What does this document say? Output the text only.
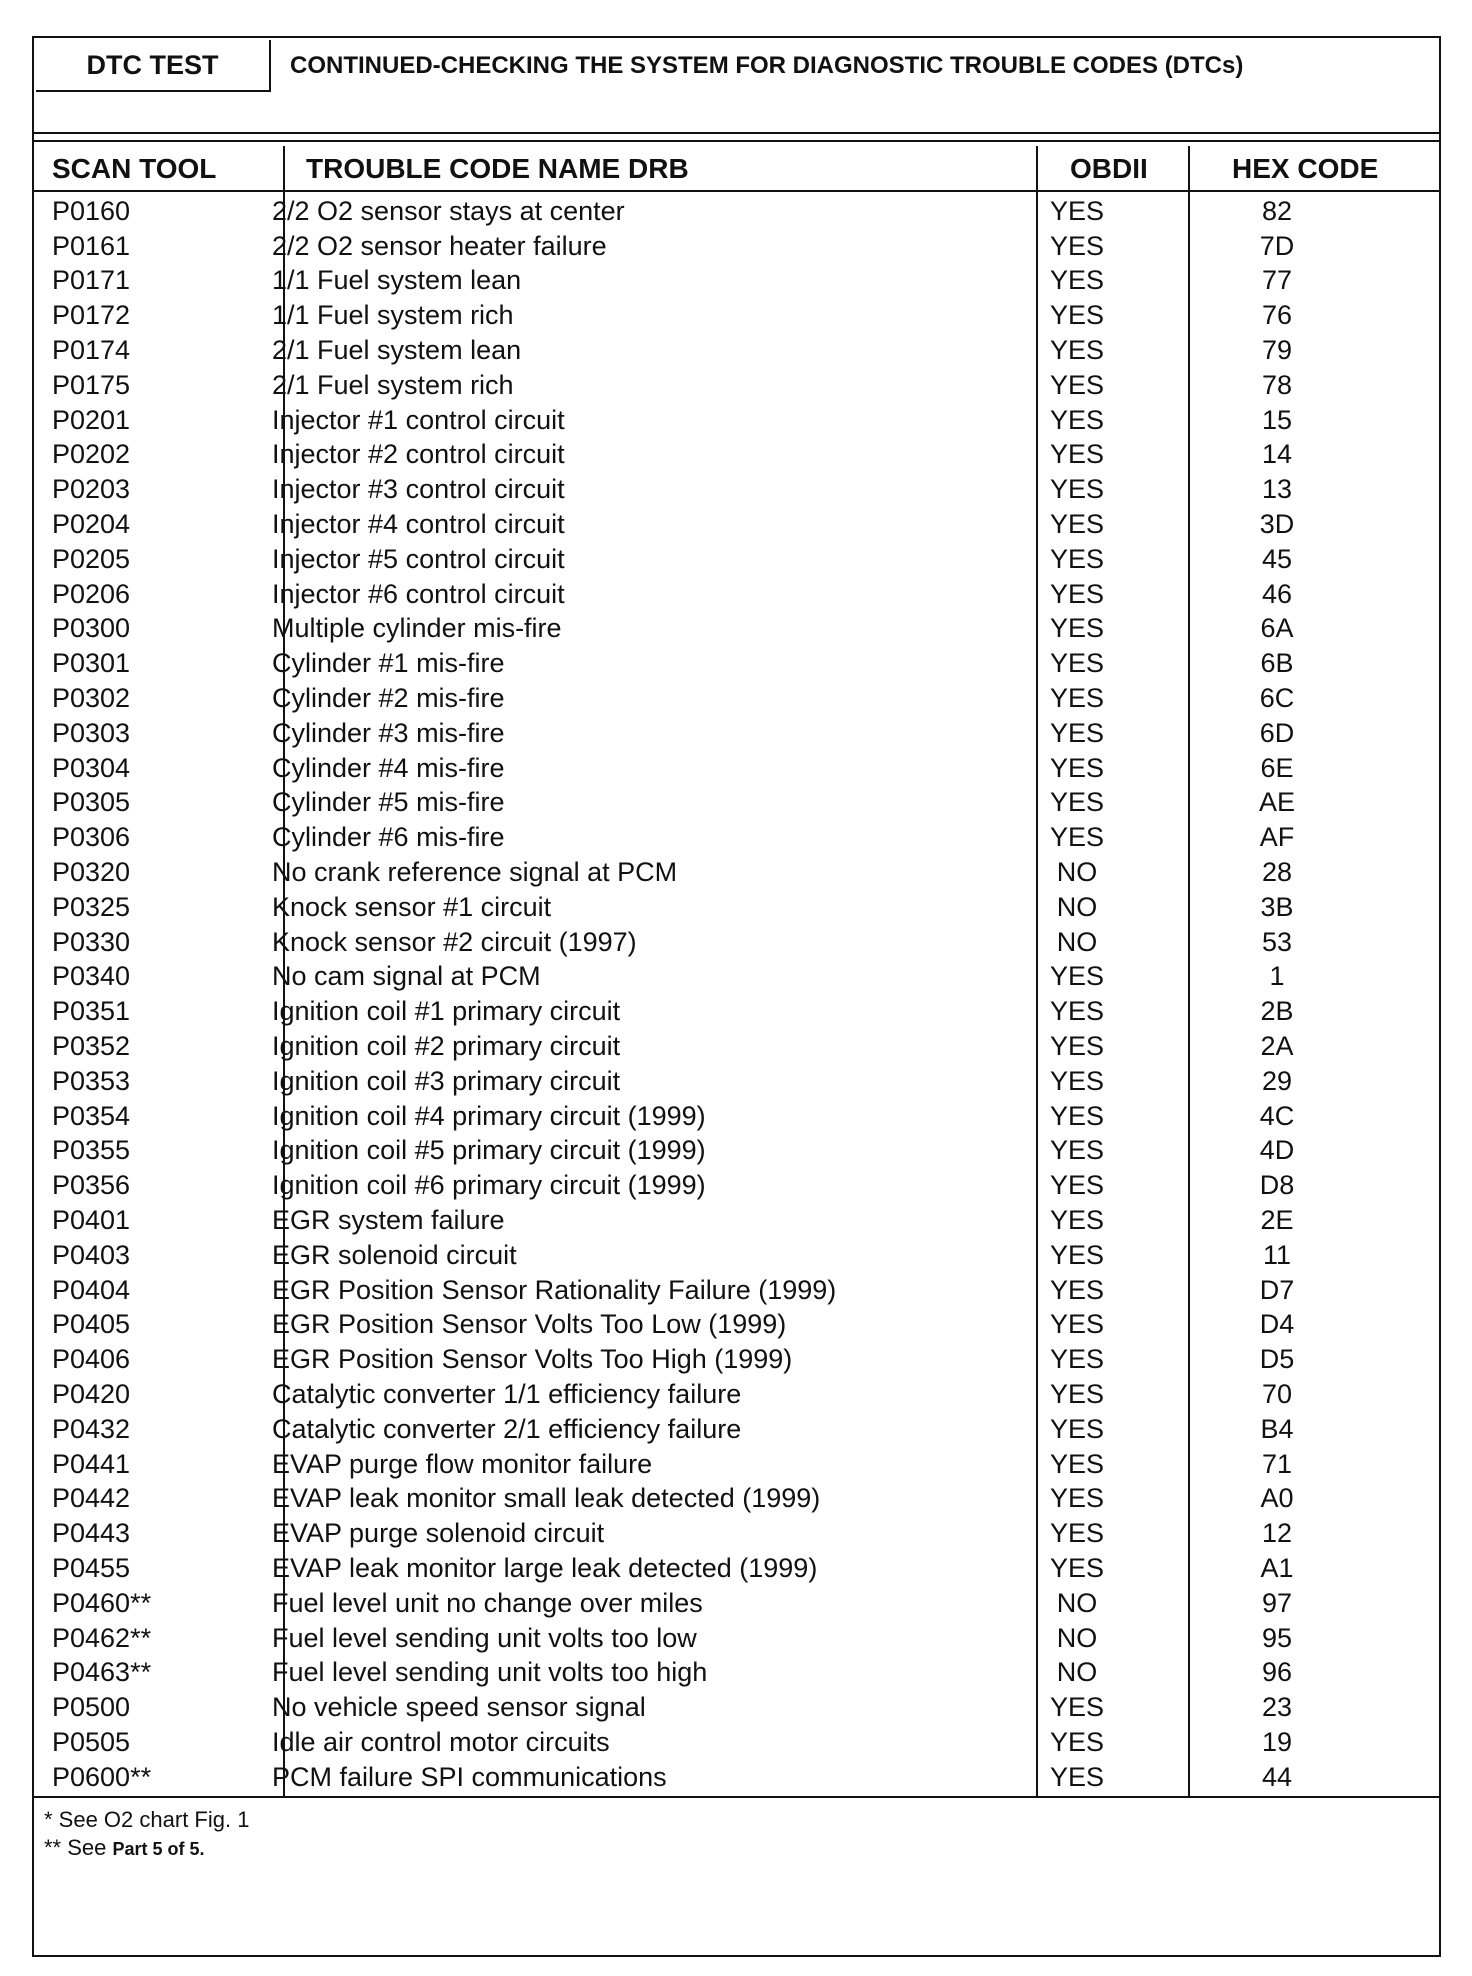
DTC TEST	CONTINUED-CHECKING THE SYSTEM FOR DIAGNOSTIC TROUBLE CODES (DTCs)
SCAN TOOL	TROUBLE CODE NAME DRB	OBDII	HEX CODE
P0160	2/2 O2 sensor stays at center	YES	82
P0161	2/2 O2 sensor heater failure	YES	7D
P0171	1/1 Fuel system lean	YES	77
P0172	1/1 Fuel system rich	YES	76
P0174	2/1 Fuel system lean	YES	79
P0175	2/1 Fuel system rich	YES	78
P0201	Injector #1 control circuit	YES	15
P0202	Injector #2 control circuit	YES	14
P0203	Injector #3 control circuit	YES	13
P0204	Injector #4 control circuit	YES	3D
P0205	Injector #5 control circuit	YES	45
P0206	Injector #6 control circuit	YES	46
P0300	Multiple cylinder mis-fire	YES	6A
P0301	Cylinder #1 mis-fire	YES	6B
P0302	Cylinder #2 mis-fire	YES	6C
P0303	Cylinder #3 mis-fire	YES	6D
P0304	Cylinder #4 mis-fire	YES	6E
P0305	Cylinder #5 mis-fire	YES	AE
P0306	Cylinder #6 mis-fire	YES	AF
P0320	No crank reference signal at PCM	NO	28
P0325	Knock sensor #1 circuit	NO	3B
P0330	Knock sensor #2 circuit (1997)	NO	53
P0340	No cam signal at PCM	YES	1
P0351	Ignition coil #1 primary circuit	YES	2B
P0352	Ignition coil #2 primary circuit	YES	2A
P0353	Ignition coil #3 primary circuit	YES	29
P0354	Ignition coil #4 primary circuit (1999)	YES	4C
P0355	Ignition coil #5 primary circuit (1999)	YES	4D
P0356	Ignition coil #6 primary circuit (1999)	YES	D8
P0401	EGR system failure	YES	2E
P0403	EGR solenoid circuit	YES	11
P0404	EGR Position Sensor Rationality Failure (1999)	YES	D7
P0405	EGR Position Sensor Volts Too Low (1999)	YES	D4
P0406	EGR Position Sensor Volts Too High (1999)	YES	D5
P0420	Catalytic converter 1/1 efficiency failure	YES	70
P0432	Catalytic converter 2/1 efficiency failure	YES	B4
P0441	EVAP purge flow monitor failure	YES	71
P0442	EVAP leak monitor small leak detected (1999)	YES	A0
P0443	EVAP purge solenoid circuit	YES	12
P0455	EVAP leak monitor large leak detected (1999)	YES	A1
P0460**	Fuel level unit no change over miles	NO	97
P0462**	Fuel level sending unit volts too low	NO	95
P0463**	Fuel level sending unit volts too high	NO	96
P0500	No vehicle speed sensor signal	YES	23
P0505	Idle air control motor circuits	YES	19
P0600**	PCM failure SPI communications	YES	44
* See O2 chart Fig. 1
** See Part 5 of 5.
